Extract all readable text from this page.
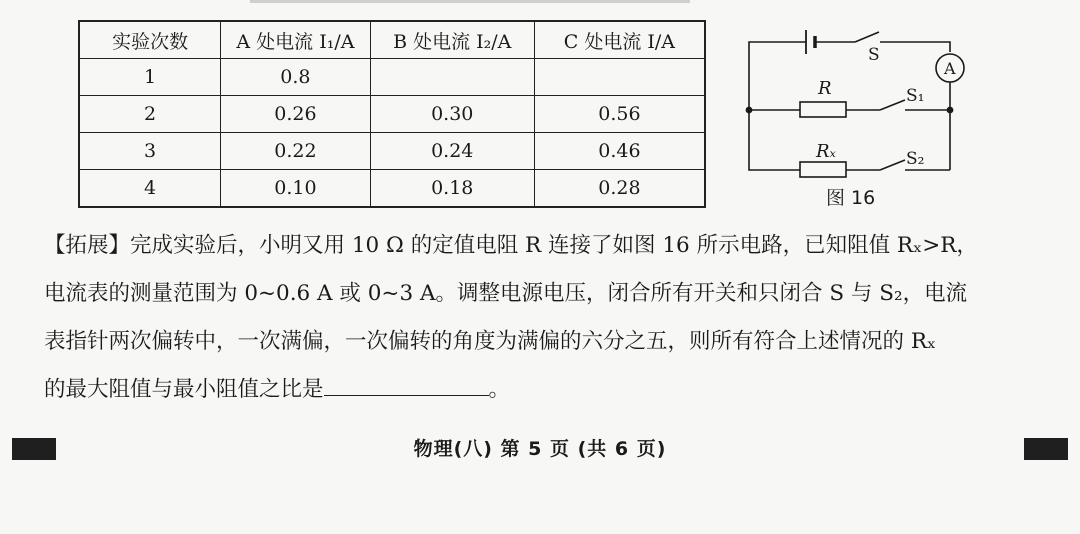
实验次数	A 处电流 I₁/A	B 处电流 I₂/A	C 处电流 I/A
1	0.8		
2	0.26	0.30	0.56
3	0.22	0.24	0.46
4	0.10	0.18	0.28
S
A
R	S₁
Rₓ	S₂
图 16

【拓展】完成实验后，小明又用 10 Ω 的定值电阻 R 连接了如图 16 所示电路，已知阻值 Rₓ>R，

电流表的测量范围为 0~0.6 A 或 0~3 A。调整电源电压，闭合所有开关和只闭合 S 与 S₂，电流

表指针两次偏转中，一次满偏，一次偏转的角度为满偏的六分之五，则所有符合上述情况的 Rₓ

的最大阻值与最小阻值之比是	。

物理(八) 第 5 页 (共 6 页)
